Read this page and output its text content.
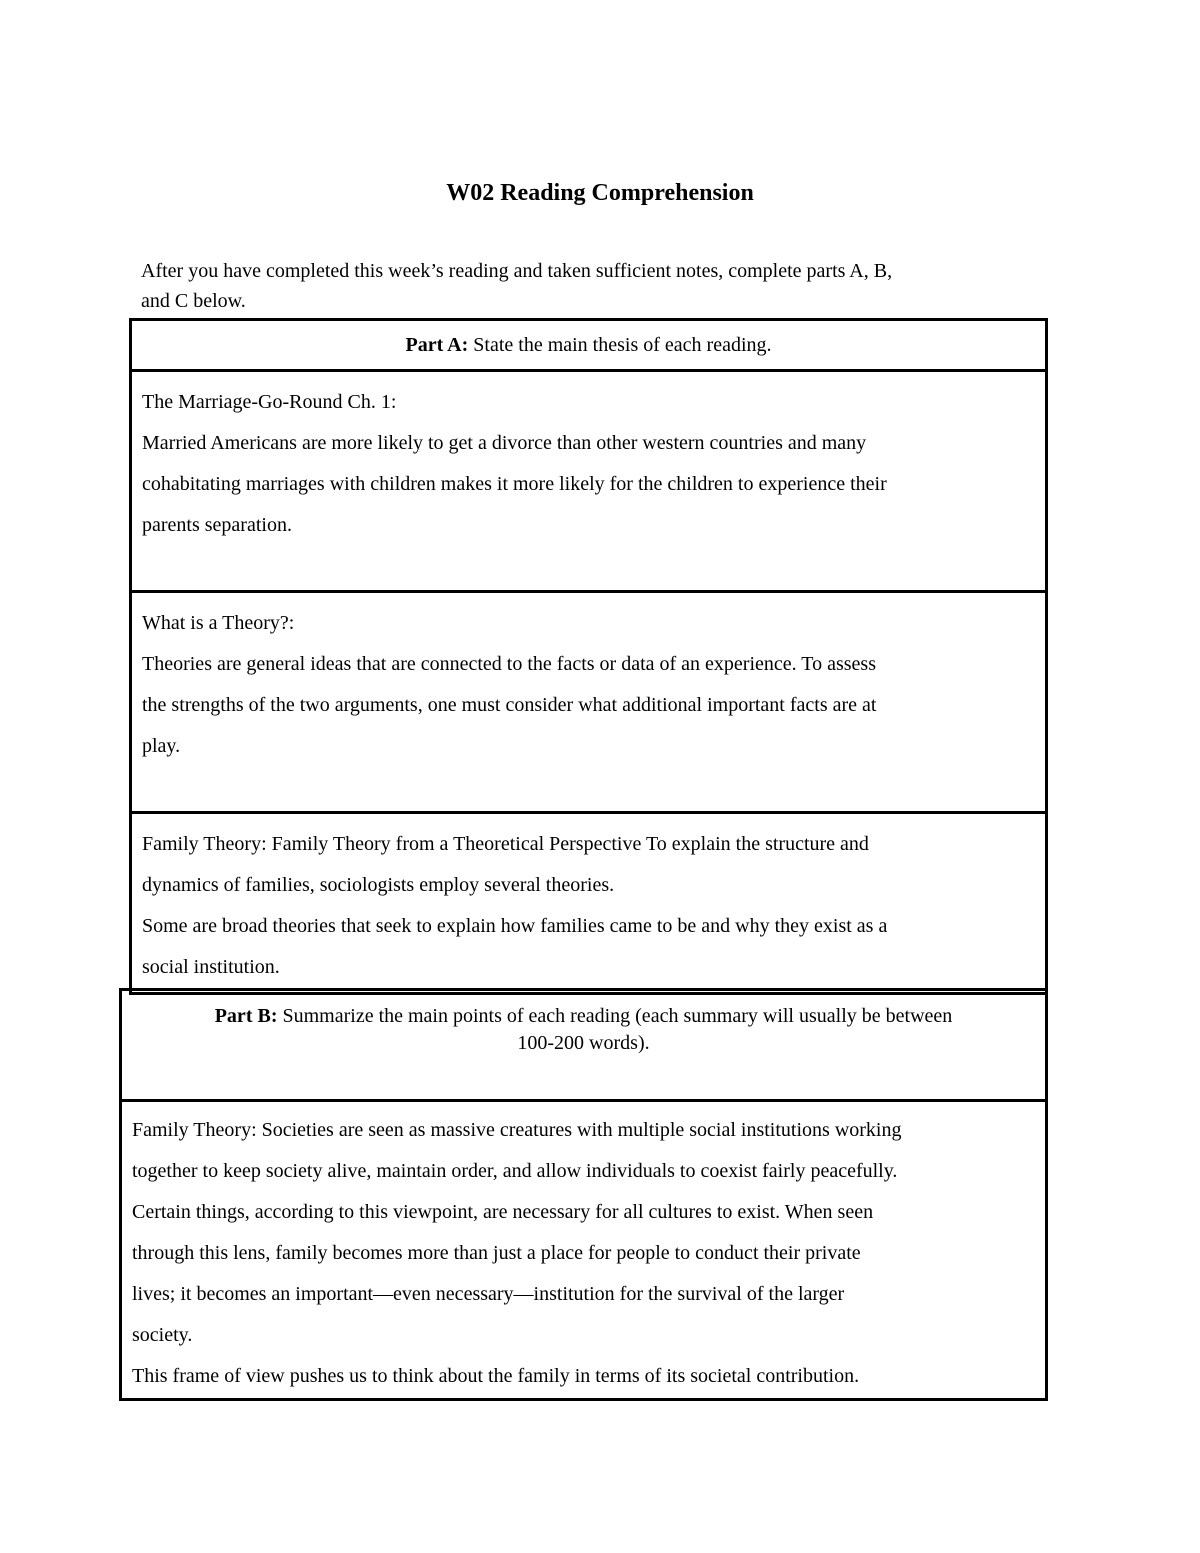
W02 Reading Comprehension
After you have completed this week’s reading and taken sufficient notes, complete parts A, B,
and C below.
Part A: State the main thesis of each reading.

The Marriage-Go-Round Ch. 1:
Married Americans are more likely to get a divorce than other western countries and many
cohabitating marriages with children makes it more likely for the children to experience their
parents separation.

What is a Theory?:
Theories are general ideas that are connected to the facts or data of an experience. To assess
the strengths of the two arguments, one must consider what additional important facts are at
play.

Family Theory: Family Theory from a Theoretical Perspective To explain the structure and
dynamics of families, sociologists employ several theories.
Some are broad theories that seek to explain how families came to be and why they exist as a
social institution.
Part B: Summarize the main points of each reading (each summary will usually be between
100-200 words).

Family Theory: Societies are seen as massive creatures with multiple social institutions working
together to keep society alive, maintain order, and allow individuals to coexist fairly peacefully.
Certain things, according to this viewpoint, are necessary for all cultures to exist. When seen
through this lens, family becomes more than just a place for people to conduct their private
lives; it becomes an important—even necessary—institution for the survival of the larger
society.
This frame of view pushes us to think about the family in terms of its societal contribution.
